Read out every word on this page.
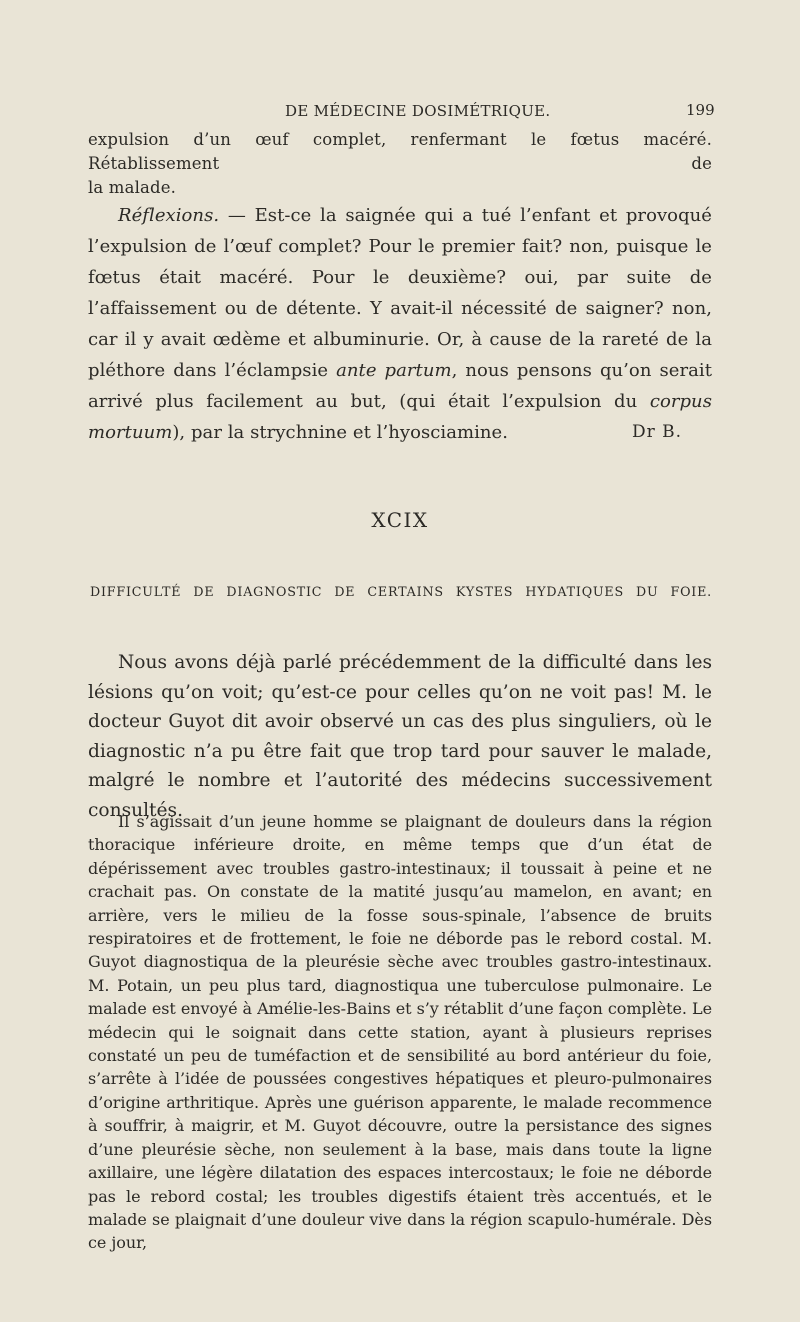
DE MÉDECINE DOSIMÉTRIQUE.	199

expulsion d’un œuf complet, renfermant le fœtus macéré. Rétablissement de
la malade.

Réflexions. — Est-ce la saignée qui a tué l’enfant et provoqué l’expulsion de l’œuf complet? Pour le premier fait? non, puisque le fœtus était macéré. Pour le deuxième? oui, par suite de l’affaissement ou de détente. Y avait-il nécessité de saigner? non, car il y avait œdème et albuminurie. Or, à cause de la rareté de la pléthore dans l’éclampsie ante partum, nous pensons qu’on serait arrivé plus facilement au but, (qui était l’expulsion du corpus mortuum), par la strychnine et l’hyosciamine.	Dr B.
XCIX
DIFFICULTÉ DE DIAGNOSTIC DE CERTAINS KYSTES HYDATIQUES DU FOIE.

Nous avons déjà parlé précédemment de la difficulté dans les lésions qu’on voit; qu’est-ce pour celles qu’on ne voit pas! M. le docteur Guyot dit avoir observé un cas des plus singuliers, où le diagnostic n’a pu être fait que trop tard pour sauver le malade, malgré le nombre et l’autorité des médecins successivement consultés.

Il s’agissait d’un jeune homme se plaignant de douleurs dans la région thoracique inférieure droite, en même temps que d’un état de dépérissement avec troubles gastro-intestinaux; il toussait à peine et ne crachait pas. On constate de la matité jusqu’au mamelon, en avant; en arrière, vers le milieu de la fosse sous-spinale, l’absence de bruits respiratoires et de frottement, le foie ne déborde pas le rebord costal. M. Guyot diagnostiqua de la pleurésie sèche avec troubles gastro-intestinaux. M. Potain, un peu plus tard, diagnostiqua une tuberculose pulmonaire. Le malade est envoyé à Amélie-les-Bains et s’y rétablit d’une façon complète. Le médecin qui le soignait dans cette station, ayant à plusieurs reprises constaté un peu de tuméfaction et de sensibilité au bord antérieur du foie, s’arrête à l’idée de poussées congestives hépatiques et pleuro-pulmonaires d’origine arthritique. Après une guérison apparente, le malade recommence à souffrir, à maigrir, et M. Guyot découvre, outre la persistance des signes d’une pleurésie sèche, non seulement à la base, mais dans toute la ligne axillaire, une légère dilatation des espaces intercostaux; le foie ne déborde pas le rebord costal; les troubles digestifs étaient très accentués, et le malade se plaignait d’une douleur vive dans la région scapulo-humérale. Dès ce jour,
